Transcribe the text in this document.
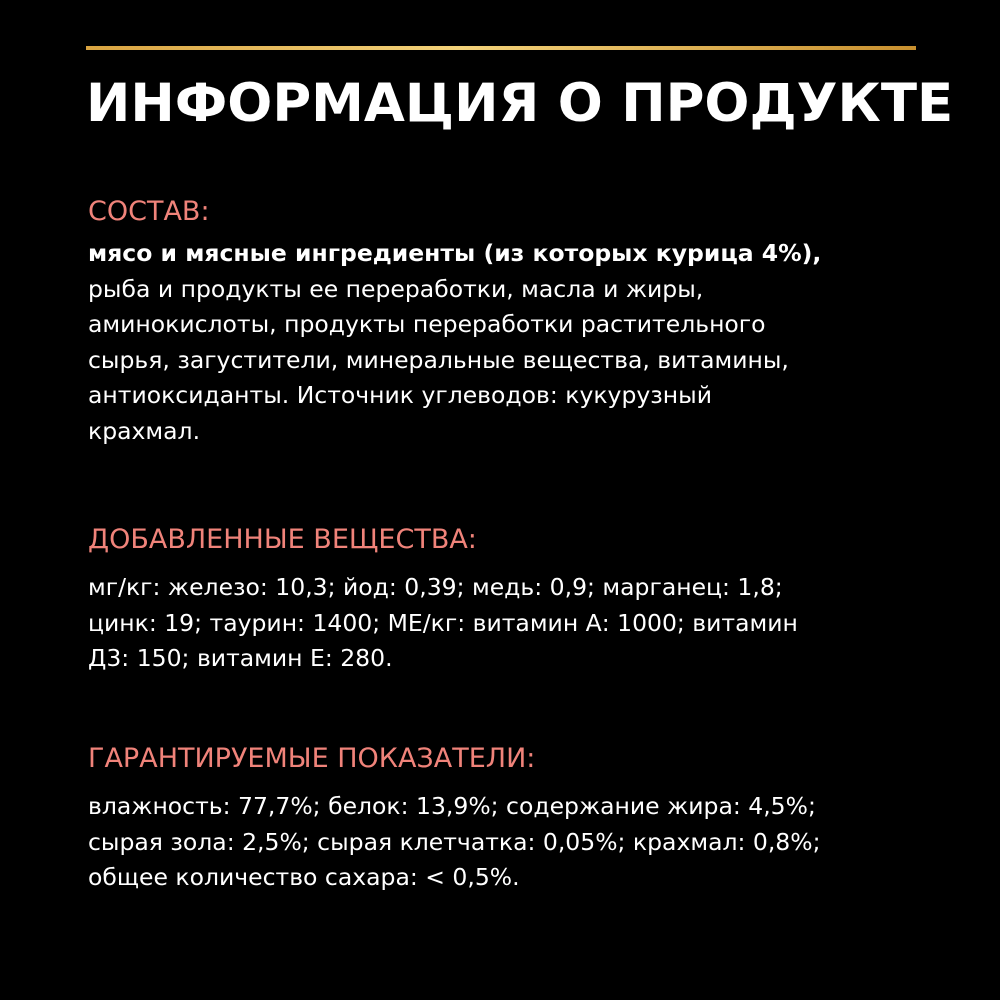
ИНФОРМАЦИЯ О ПРОДУКТЕ
СОСТАВ:

мясо и мясные ингредиенты (из которых курица 4%),
рыба и продукты ее переработки, масла и жиры,
аминокислоты, продукты переработки растительного
сырья, загустители, минеральные вещества, витамины,
антиоксиданты. Источник углеводов: кукурузный
крахмал.

ДОБАВЛЕННЫЕ ВЕЩЕСТВА:

мг/кг: железо: 10,3; йод: 0,39; медь: 0,9; марганец: 1,8;
цинк: 19; таурин: 1400; МЕ/кг: витамин А: 1000; витамин
Д3: 150; витамин Е: 280.

ГАРАНТИРУЕМЫЕ ПОКАЗАТЕЛИ:

влажность: 77,7%; белок: 13,9%; содержание жира: 4,5%;
сырая зола: 2,5%; сырая клетчатка: 0,05%; крахмал: 0,8%;
общее количество сахара: < 0,5%.
